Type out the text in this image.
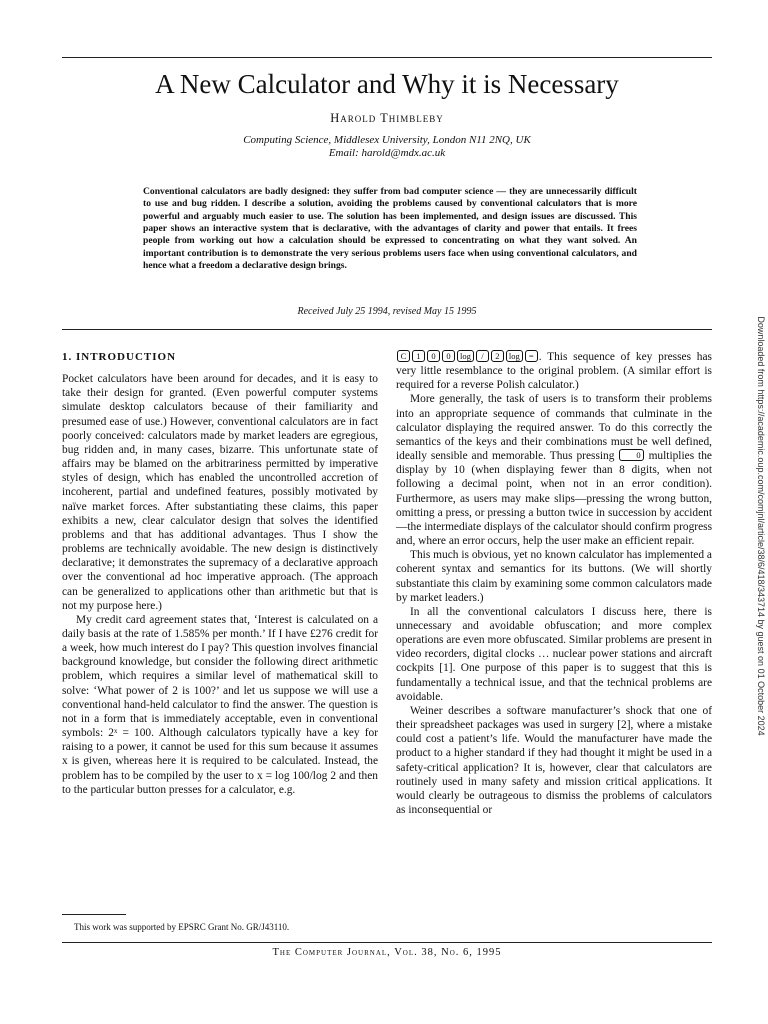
A New Calculator and Why it is Necessary
Harold Thimbleby
Computing Science, Middlesex University, London N11 2NQ, UK
Email: harold@mdx.ac.uk
Conventional calculators are badly designed: they suffer from bad computer science — they are unnecessarily difficult to use and bug ridden. I describe a solution, avoiding the problems caused by conventional calculators that is more powerful and arguably much easier to use. The solution has been implemented, and design issues are discussed. This paper shows an interactive system that is declarative, with the advantages of clarity and power that entails. It frees people from working out how a calculation should be expressed to concentrating on what they want solved. An important contribution is to demonstrate the very serious problems users face when using conventional calculators, and hence what a freedom a declarative design brings.
Received July 25 1994, revised May 15 1995
1. INTRODUCTION

Pocket calculators have been around for decades, and it is easy to take their design for granted. (Even powerful computer systems simulate desktop calculators because of their familiarity and presumed ease of use.) However, conventional calculators are in fact poorly conceived: calculators made by market leaders are egregious, bug ridden and, in many cases, bizarre. This unfortunate state of affairs may be blamed on the arbitrariness permitted by imperative styles of design, which has enabled the uncontrolled accretion of incoherent, partial and undefined features, possibly motivated by naïve market forces. After substantiating these claims, this paper exhibits a new, clear calculator design that solves the identified problems and that has additional advantages. Thus I show the problems are technically avoidable. The new design is distinctively declarative; it demonstrates the supremacy of a declarative approach over the conventional ad hoc imperative approach. (The approach can be generalized to applications other than arithmetic but that is not my purpose here.)

My credit card agreement states that, ‘Interest is calculated on a daily basis at the rate of 1.585% per month.’ If I have £276 credit for a week, how much interest do I pay? This question involves financial background knowledge, but consider the following direct arithmetic problem, which requires a similar level of mathematical skill to solve: ‘What power of 2 is 100?’ and let us suppose we will use a conventional hand-held calculator to find the answer. The question is not in a form that is immediately acceptable, even in conventional symbols: 2ˣ = 100. Although calculators typically have a key for raising to a power, it cannot be used for this sum because it assumes x is given, whereas here it is required to be calculated. Instead, the problem has to be compiled by the user to x = log 100/log 2 and then to the particular button presses for a calculator, e.g.

C 1 0 0 log / 2 log = . This sequence of key presses has very little resemblance to the original problem. (A similar effort is required for a reverse Polish calculator.)

More generally, the task of users is to transform their problems into an appropriate sequence of commands that culminate in the calculator displaying the required answer. To do this correctly the semantics of the keys and their combinations must be well defined, ideally sensible and memorable. Thus pressing	0 multiplies the display by 10 (when displaying fewer than 8 digits, when not following a decimal point, when not in an error condition). Furthermore, as users may make slips—pressing the wrong button, omitting a press, or pressing a button twice in succession by accident—the intermediate displays of the calculator should confirm progress and, where an error occurs, help the user make an efficient repair.

This much is obvious, yet no known calculator has implemented a coherent syntax and semantics for its buttons. (We will shortly substantiate this claim by examining some common calculators made by market leaders.)

In all the conventional calculators I discuss here, there is unnecessary and avoidable obfuscation; and more complex operations are even more obfuscated. Similar problems are present in video recorders, digital clocks … nuclear power stations and aircraft cockpits [1]. One purpose of this paper is to suggest that this is fundamentally a technical issue, and that the technical problems are avoidable.

Weiner describes a software manufacturer’s shock that one of their spreadsheet packages was used in surgery [2], where a mistake could cost a patient’s life. Would the manufacturer have made the product to a higher standard if they had thought it might be used in a safety-critical application? It is, however, clear that calculators are routinely used in many safety and mission critical applications. It would clearly be outrageous to dismiss the problems of calculators as inconsequential or

This work was supported by EPSRC Grant No. GR/J43110.
The Computer Journal, Vol. 38, No. 6, 1995
Downloaded from https://academic.oup.com/comjnl/article/38/6/418/343714 by guest on 01 October 2024
